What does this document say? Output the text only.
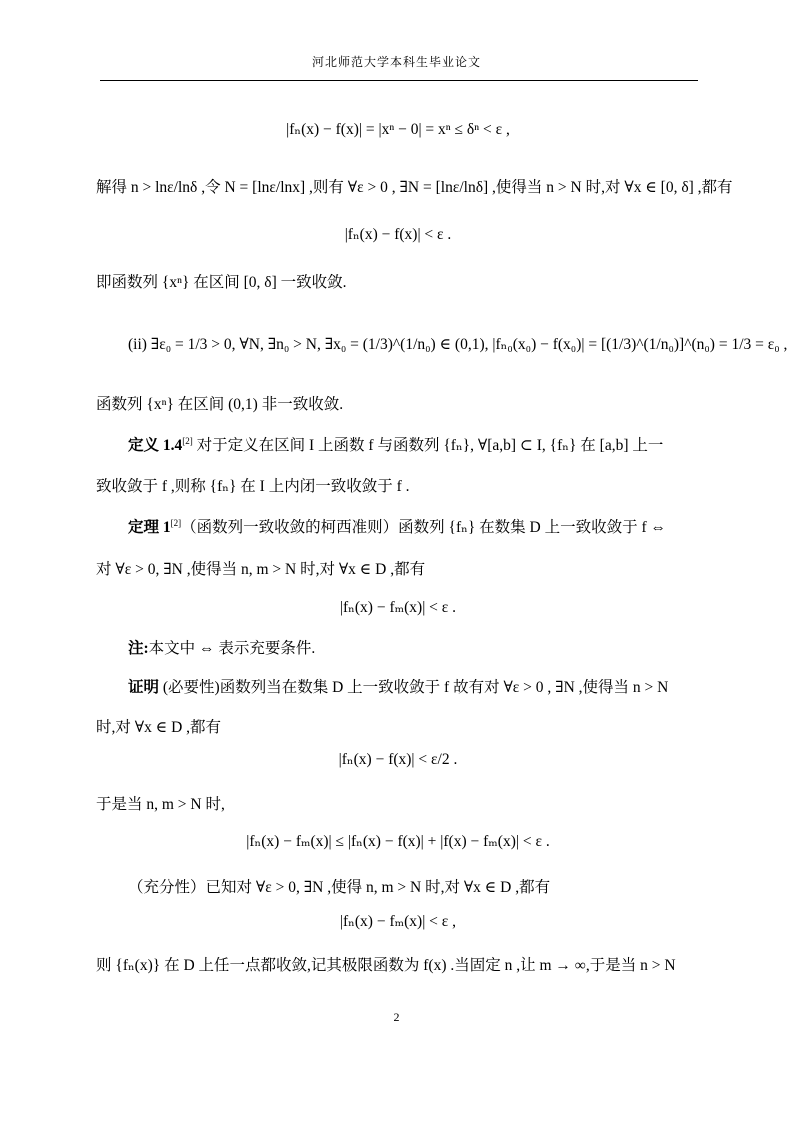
河北师范大学本科生毕业论文
|fₙ(x) − f(x)| = |xⁿ − 0| = xⁿ ≤ δⁿ < ε ,
解得 n > lnε/lnδ ,令 N = [lnε/lnx] ,则有 ∀ε > 0 , ∃N = [lnε/lnδ] ,使得当 n > N 时,对 ∀x ∈ [0, δ] ,都有
|fₙ(x) − f(x)| < ε .
即函数列 {xⁿ} 在区间 [0, δ] 一致收敛.
(ii) ∃ε₀ = 1/3 > 0, ∀N, ∃n₀ > N, ∃x₀ = (1/3)^(1/n₀) ∈ (0,1), |fₙ₀(x₀) − f(x₀)| = [(1/3)^(1/n₀)]^(n₀) = 1/3 = ε₀ ,
函数列 {xⁿ} 在区间 (0,1) 非一致收敛.
定义 1.4[2] 对于定义在区间 I 上函数 f 与函数列 {fₙ}, ∀[a,b] ⊂ I, {fₙ} 在 [a,b] 上一
致收敛于 f ,则称 {fₙ} 在 I 上内闭一致收敛于 f .
定理 1[2]（函数列一致收敛的柯西准则）函数列 {fₙ} 在数集 D 上一致收敛于 f ⇔
对 ∀ε > 0, ∃N ,使得当 n, m > N 时,对 ∀x ∈ D ,都有
|fₙ(x) − fₘ(x)| < ε .
注:本文中 ⇔ 表示充要条件.
证明 (必要性)函数列当在数集 D 上一致收敛于 f 故有对 ∀ε > 0 , ∃N ,使得当 n > N
时,对 ∀x ∈ D ,都有
|fₙ(x) − f(x)| < ε/2 .
于是当 n, m > N 时,
|fₙ(x) − fₘ(x)| ≤ |fₙ(x) − f(x)| + |f(x) − fₘ(x)| < ε .
（充分性）已知对 ∀ε > 0, ∃N ,使得 n, m > N 时,对 ∀x ∈ D ,都有
|fₙ(x) − fₘ(x)| < ε ,
则 {fₙ(x)} 在 D 上任一点都收敛,记其极限函数为 f(x) .当固定 n ,让 m → ∞,于是当 n > N
2
